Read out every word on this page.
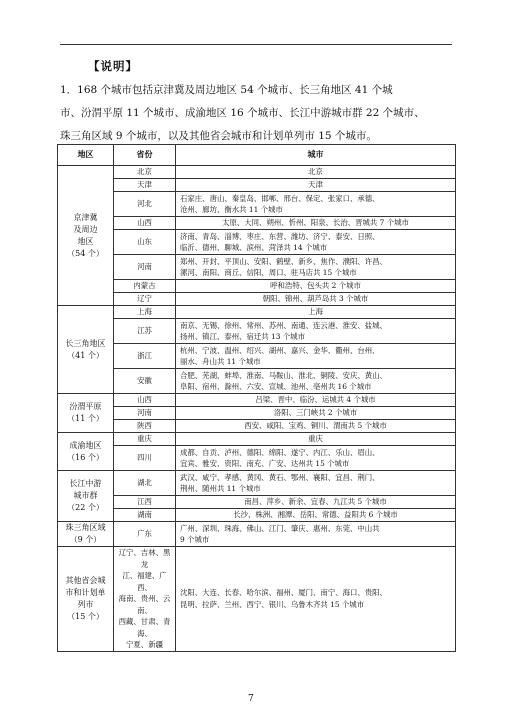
【说明】
1．168 个城市包括京津冀及周边地区 54 个城市、长三角地区 41 个城
市、汾渭平原 11 个城市、成渝地区 16 个城市、长江中游城市群 22 个城市、
珠三角区域 9 个城市，以及其他省会城市和计划单列市 15 个城市。
地区	省份	城市
京津冀
及周边
地区
（54 个）	北京	北京
	天津	天津
	河北	石家庄、唐山、秦皇岛、邯郸、邢台、保定、张家口、承德、
沧州、廊坊、衡水共 11 个城市
	山西	太原、大同、朔州、忻州、阳泉、长治、晋城共 7 个城市
	山东	济南、青岛、淄博、枣庄、东营、潍坊、济宁、泰安、日照、
临沂、德州、聊城、滨州、菏泽共 14 个城市
	河南	郑州、开封、平顶山、安阳、鹤壁、新乡、焦作、濮阳、许昌、
漯河、南阳、商丘、信阳、周口、驻马店共 15 个城市
	内蒙古	呼和浩特、包头共 2 个城市
	辽宁	朝阳、锦州、葫芦岛共 3 个城市
长三角地区
（41 个）	上海	上海
	江苏	南京、无锡、徐州、常州、苏州、南通、连云港、淮安、盐城、
扬州、镇江、泰州、宿迁共 13 个城市
	浙江	杭州、宁波、温州、绍兴、湖州、嘉兴、金华、衢州、台州、
丽水、舟山共 11 个城市
	安徽	合肥、芜湖、蚌埠、淮南、马鞍山、淮北、铜陵、安庆、黄山、
阜阳、宿州、滁州、六安、宣城、池州、亳州共 16 个城市
汾渭平原
（11 个）	山西	吕梁、晋中、临汾、运城共 4 个城市
	河南	洛阳、三门峡共 2 个城市
	陕西	西安、咸阳、宝鸡、铜川、渭南共 5 个城市
成渝地区
（16 个）	重庆	重庆
	四川	成都、自贡、泸州、德阳、绵阳、遂宁、内江、乐山、眉山、
宜宾、雅安、资阳、南充、广安、达州共 15 个城市
长江中游
城市群
（22 个）	湖北	武汉、咸宁、孝感、黄冈、黄石、鄂州、襄阳、宜昌、荆门、
荆州、随州共 11 个城市
	江西	南昌、萍乡、新余、宜春、九江共 5 个城市
	湖南	长沙、株洲、湘潭、岳阳、常德、益阳共 6 个城市
珠三角区域
（9 个）	广东	广州、深圳、珠海、佛山、江门、肇庆、惠州、东莞、中山共
9 个城市
其他省会城
市和计划单
列市
（15 个）	辽宁、吉林、黑龙
江、福建、广西、
海南、贵州、云南、
西藏、甘肃、青海、
宁夏、新疆	沈阳、大连、长春、哈尔滨、福州、厦门、南宁、海口、贵阳、
昆明、拉萨、兰州、西宁、银川、乌鲁木齐共 15 个城市
7
